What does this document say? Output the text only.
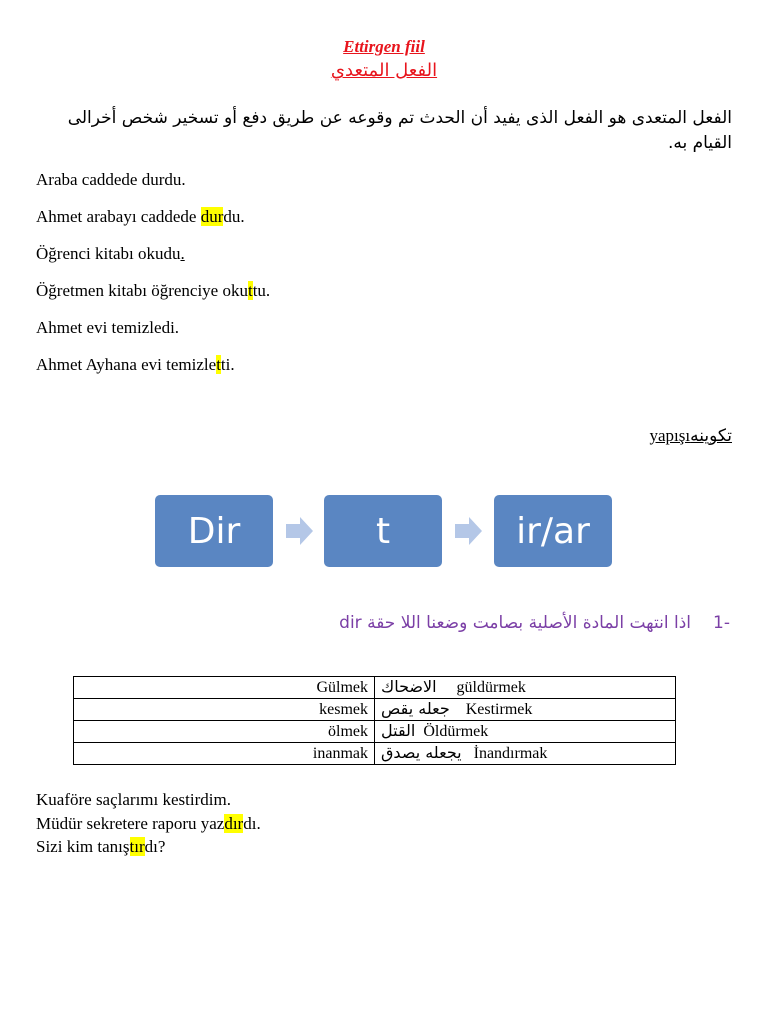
Ettirgen fiil
الفعل المتعدي
الفعل المتعدى هو الفعل الذى يفيد أن الحدث تم وقوعه عن طريق دفع أو تسخير شخص أخرالى القيام به.
Araba caddede durdu.
Ahmet arabayı caddede durdu.
Öğrenci kitabı okudu.
Öğretmen kitabı öğrenciye okuttu.
Ahmet evi temizledi.
Ahmet Ayhana evi temizletti.
تكوينهyapışı
Dir	t	ir/ar
-1اذا انتهت المادة الأصلية بصامت وضعنا اللا حقة dir
Gülmek	الاضحاك güldürmek
kesmek	جعله يقص Kestirmek
ölmek	القتل Öldürmek
inanmak	يجعله يصدق İnandırmak
Kuaföre saçlarımı kestirdim.
Müdür sekretere raporu yazdırdı.
Sizi kim tanıştırdı?
